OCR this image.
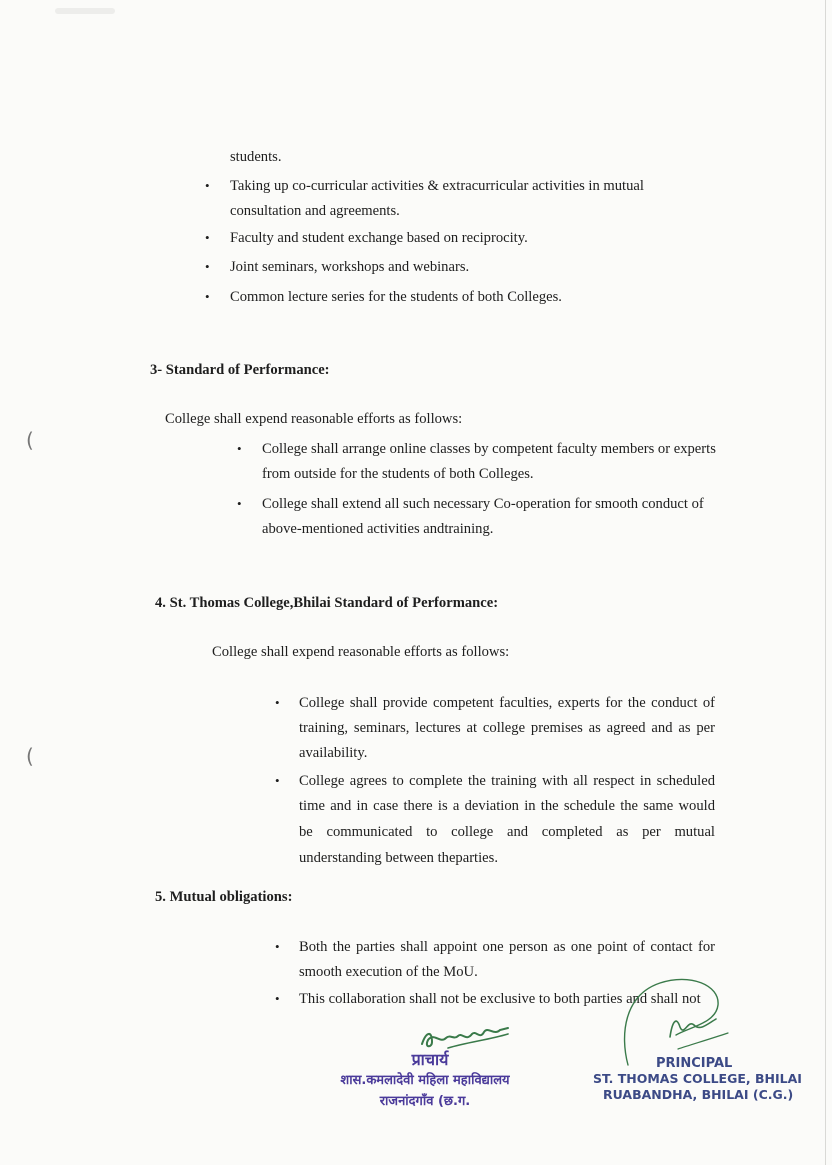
(
(
students.
• Taking up co-curricular activities & extracurricular activities in mutual
consultation and agreements.
• Faculty and student exchange based on reciprocity.
• Joint seminars, workshops and webinars.
• Common lecture series for the students of both Colleges.
3- Standard of Performance:
College shall expend reasonable efforts as follows:
• College shall arrange online classes by competent faculty members or experts
from outside for the students of both Colleges.
• College shall extend all such necessary Co-operation for smooth conduct of
above-mentioned activities andtraining.
4. St. Thomas College,Bhilai Standard of Performance:
College shall expend reasonable efforts as follows:
• College shall provide competent faculties, experts for the conduct of
training, seminars, lectures at college premises as agreed and as per
availability.
• College agrees to complete the training with all respect in scheduled
time and in case there is a deviation in the schedule the same would
be communicated to college and completed as per mutual
understanding between theparties.
5. Mutual obligations:
• Both the parties shall appoint one person as one point of contact for
smooth execution of the MoU.
• This collaboration shall not be exclusive to both parties and shall not
प्राचार्य
शास.कमलादेवी महिला महाविद्यालय
राजनांदगाँव (छ.ग.
PRINCIPAL
ST. THOMAS COLLEGE, BHILAI
RUABANDHA, BHILAI (C.G.)
